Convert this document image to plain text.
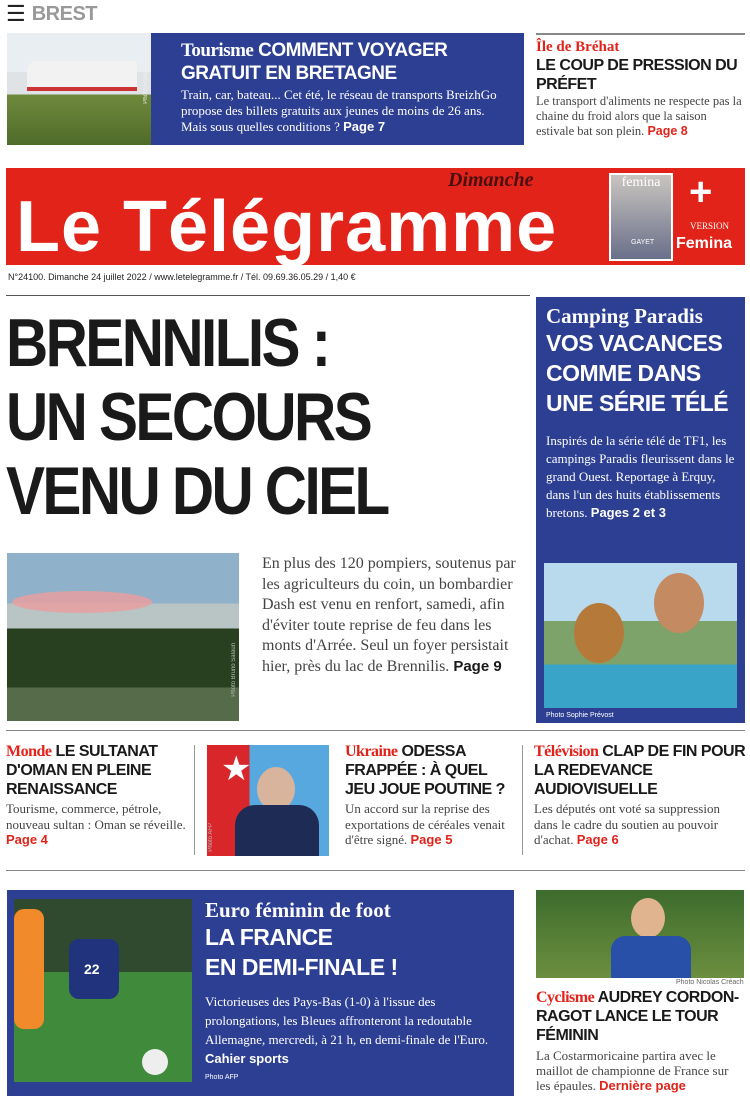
☰ BREST
Photo François Destoc Tourisme COMMENT VOYAGER GRATUIT EN BRETAGNE
Train, car, bateau... Cet été, le réseau de transports BreizhGo propose des billets gratuits aux jeunes de moins de 26 ans. Mais sous quelles conditions ? Page 7
Île de Bréhat
LE COUP DE PRESSION DU PRÉFET
Le transport d'aliments ne respecte pas la chaine du froid alors que la saison estivale bat son plein. Page 8
Dimanche
Le Télégramme
femina
GAYET
+
VERSION
Femina
N°24100. Dimanche 24 juillet 2022 / www.letelegramme.fr / Tél. 09.69.36.05.29 / 1,40 €
BRENNILIS :
UN SECOURS
VENU DU CIEL
Photo Bruno Salaün
En plus des 120 pompiers, soutenus par les agriculteurs du coin, un bombardier Dash est venu en renfort, samedi, afin d'éviter toute reprise de feu dans les monts d'Arrée. Seul un foyer persistait hier, près du lac de Brennilis. Page 9
Camping Paradis
VOS VACANCES COMME DANS UNE SÉRIE TÉLÉ
Inspirés de la série télé de TF1, les campings Paradis fleurissent dans le grand Ouest. Reportage à Erquy, dans l'un des huits établissements bretons. Pages 2 et 3
Photo Sophie Prévost
Monde LE SULTANAT D'OMAN EN PLEINE RENAISSANCE
Tourisme, commerce, pétrole, nouveau sultan : Oman se réveille. Page 4
★
Photo AFP
Ukraine ODESSA FRAPPÉE : À QUEL JEU JOUE POUTINE ?
Un accord sur la reprise des exportations de céréales venait d'être signé. Page 5
Télévision CLAP DE FIN POUR LA REDEVANCE AUDIOVISUELLE
Les députés ont voté sa suppression dans le cadre du soutien au pouvoir d'achat. Page 6
22
Euro féminin de foot
LA FRANCE
EN DEMI-FINALE !
Victorieuses des Pays-Bas (1-0) à l'issue des prolongations, les Bleues affronteront la redoutable Allemagne, mercredi, à 21 h, en demi-finale de l'Euro. Cahier sports
Photo AFP
Photo Nicolas Créach
Cyclisme AUDREY CORDON-RAGOT LANCE LE TOUR FÉMININ
La Costarmoricaine partira avec le maillot de championne de France sur les épaules. Dernière page
